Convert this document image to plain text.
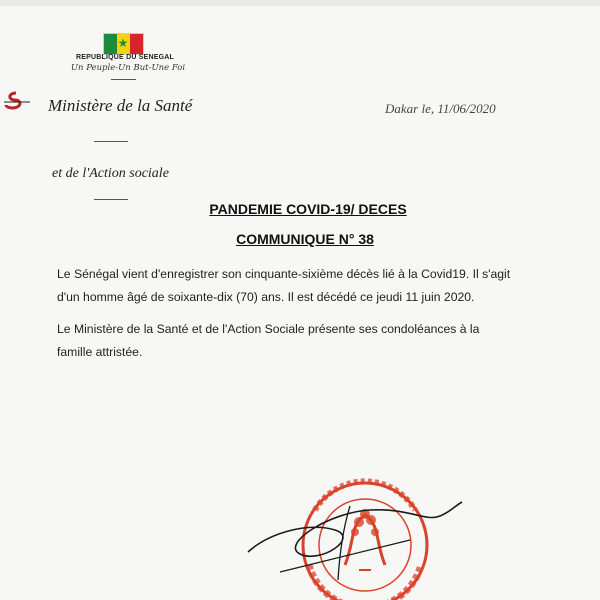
★
REPUBLIQUE DU SENEGAL
Un Peuple-Un But-Une Foi
Ministère de la Santé	Dakar le, 11/06/2020
et de l'Action sociale
PANDEMIE COVID-19/ DECES
COMMUNIQUE N° 38
Le Sénégal vient d'enregistrer son cinquante-sixième décès lié à la Covid19. Il s'agit
d'un homme âgé de soixante-dix (70) ans. Il est décédé ce jeudi 11 juin 2020.
Le Ministère de la Santé et de l'Action Sociale présente ses condoléances à la
famille attristée.
